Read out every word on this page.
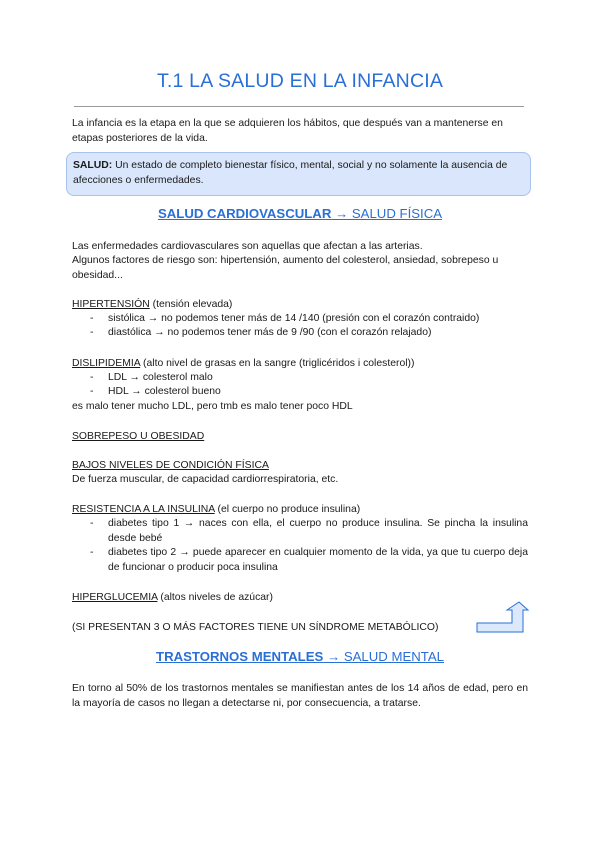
T.1 LA SALUD EN LA INFANCIA
La infancia es la etapa en la que se adquieren los hábitos, que después van a mantenerse en etapas posteriores de la vida.
SALUD: Un estado de completo bienestar físico, mental, social y no solamente la ausencia de afecciones o enfermedades.
SALUD CARDIOVASCULAR → SALUD FÍSICA
Las enfermedades cardiovasculares son aquellas que afectan a las arterias.
Algunos factores de riesgo son: hipertensión, aumento del colesterol, ansiedad, sobrepeso u obesidad...
HIPERTENSIÓN (tensión elevada)
- sistólica → no podemos tener más de 14 /140 (presión con el corazón contraido)
- diastólica → no podemos tener más de 9 /90 (con el corazón relajado)
DISLIPIDEMIA (alto nivel de grasas en la sangre (triglicéridos i colesterol))
- LDL → colesterol malo
- HDL → colesterol bueno
es malo tener mucho LDL, pero tmb es malo tener poco HDL
SOBREPESO U OBESIDAD
BAJOS NIVELES DE CONDICIÓN FÍSICA
De fuerza muscular, de capacidad cardiorrespiratoria, etc.
RESISTENCIA A LA INSULINA (el cuerpo no produce insulina)
- diabetes tipo 1 → naces con ella, el cuerpo no produce insulina. Se pincha la insulina desde bebé
- diabetes tipo 2 → puede aparecer en cualquier momento de la vida, ya que tu cuerpo deja de funcionar o producir poca insulina
HIPERGLUCEMIA (altos niveles de azúcar)
(SI PRESENTAN 3 O MÁS FACTORES TIENE UN SÍNDROME METABÓLICO)
TRASTORNOS MENTALES → SALUD MENTAL
En torno al 50% de los trastornos mentales se manifiestan antes de los 14 años de edad, pero en la mayoría de casos no llegan a detectarse ni, por consecuencia, a tratarse.
